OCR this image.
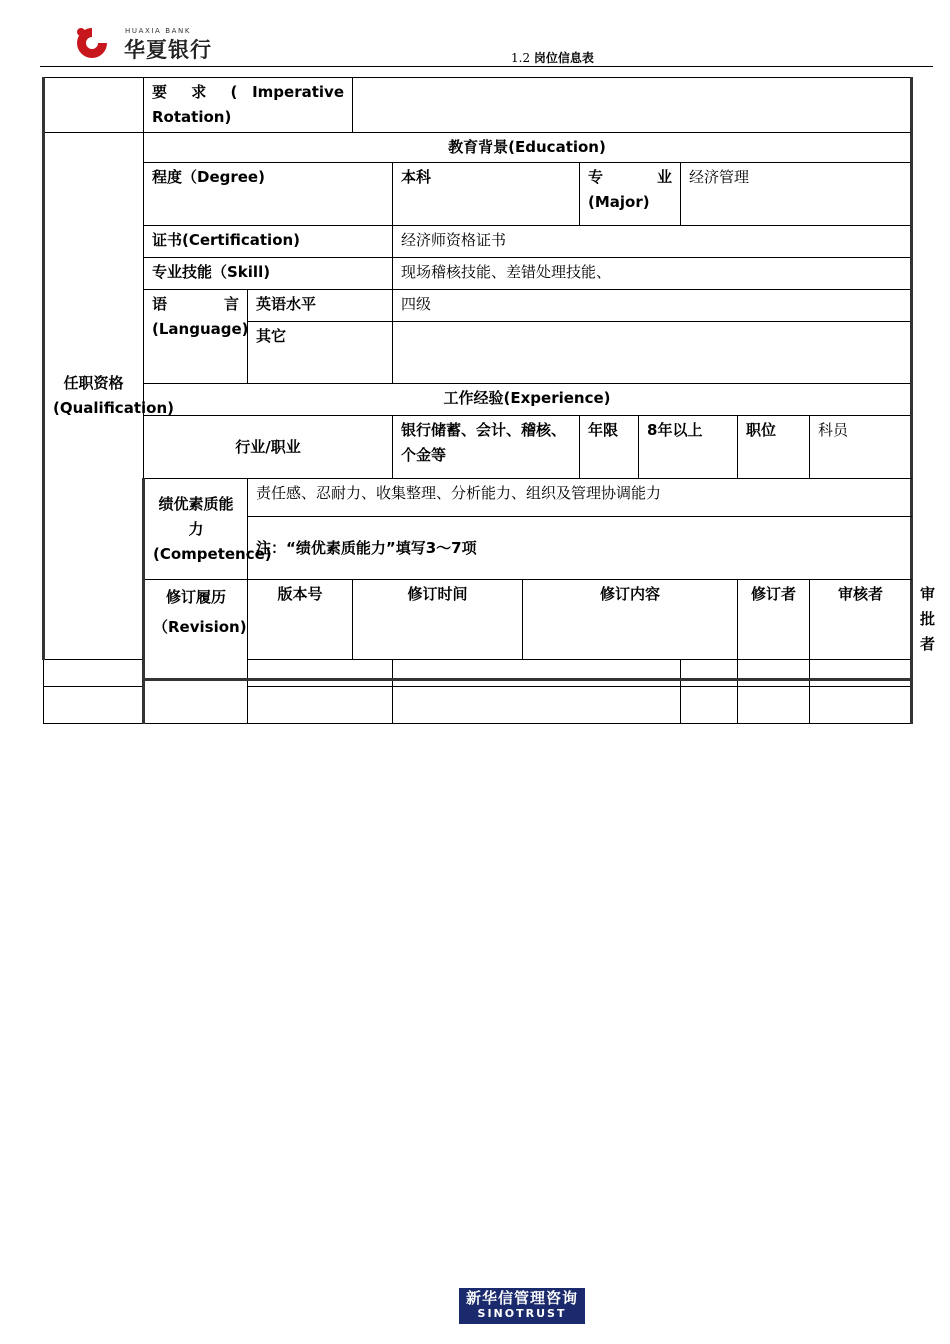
HUAXIA BANK
华夏银行	1.2 岗位信息表
	要 求 ( Imperative Rotation)										
任职资格(Qualification)	教育背景(Education)										
	程度（Degree)			本科		专 业(Major)		经济管理			
	证书(Certification)			经济师资格证书							
	专业技能（Skill)			现场稽核技能、差错处理技能、							
	语 言(Language)	英语水平		四级							
		其它									
	工作经验(Experience)										
	行业/职业			银行储蓄、会计、稽核、个金等		年限	8年以上		职位	科员	
	绩优素质能力(Competence)	责任感、忍耐力、收集整理、分析能力、组织及管理协调能力									
		注：“绩优素质能力”填写3～7项									
	修订履历（Revision)	版本号	修订时间		修订内容				修订者	审核者	审批者

新华信管理咨询
SINOTRUST
